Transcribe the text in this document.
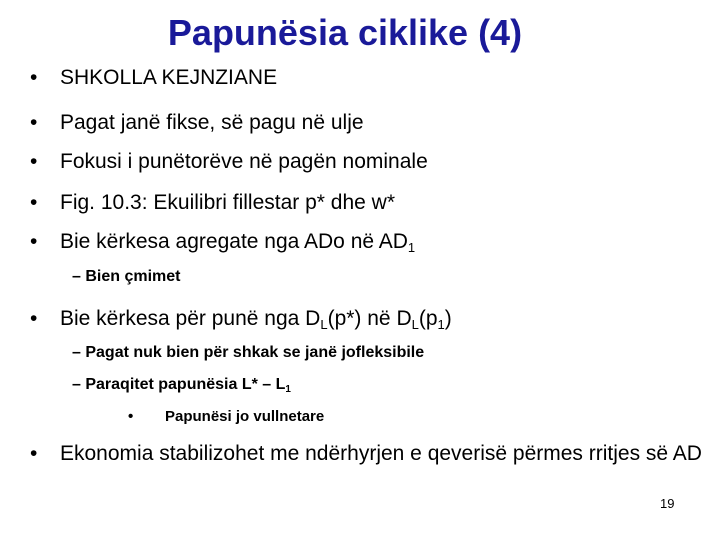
Papunësia ciklike (4)
• SHKOLLA KEJNZIANE
• Pagat janë fikse, së pagu në ulje
• Fokusi i punëtorëve në pagën nominale
• Fig. 10.3: Ekuilibri fillestar p* dhe w*
• Bie kërkesa agregate nga ADo në $AD_1$
– Bien çmimet
• Bie kërkesa për punë nga $D_L(p*)$ në $D_L(p_1)$
– Pagat nuk bien për shkak se janë jofleksibile
– Paraqitet papunësia $L* - L_1$
• Papunësi jo vullnetare
• Ekonomia stabilizohet me ndërhyrjen e qeverisë përmes rritjes së AD
19
